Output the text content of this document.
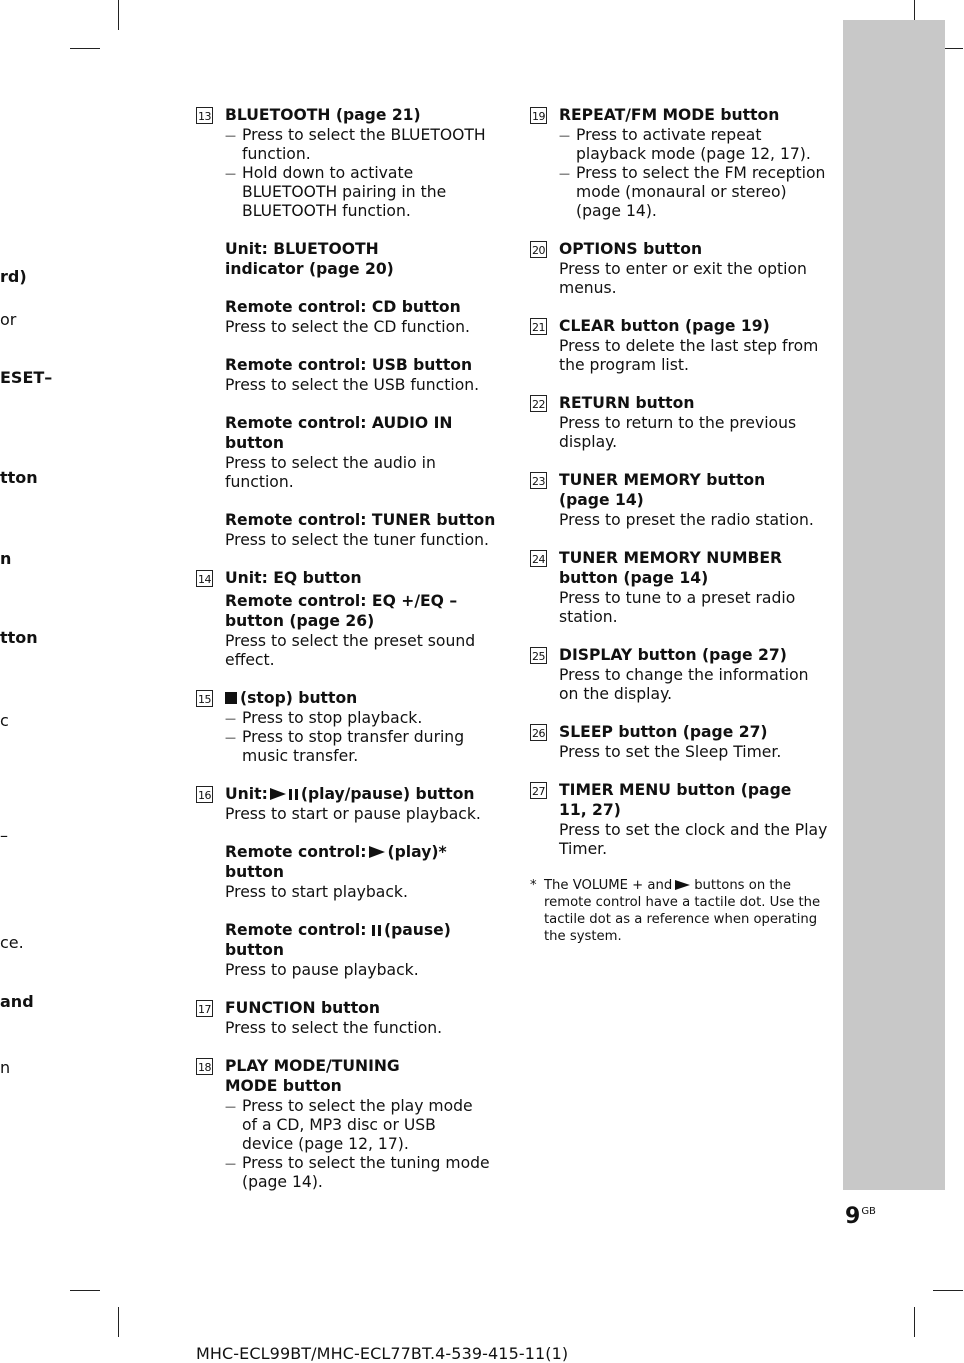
rd)
or
ESET–
tton
n
tton
c
–
ce.
and
n
13 BLUETOOTH (page 21)
— Press to select the BLUETOOTH function.
— Hold down to activate BLUETOOTH pairing in the BLUETOOTH function.
Unit: BLUETOOTH indicator (page 20)
Remote control: CD button
Press to select the CD function.
Remote control: USB button
Press to select the USB function.
Remote control: AUDIO IN button
Press to select the audio in function.
Remote control: TUNER button
Press to select the tuner function.
14 Unit: EQ button
Remote control: EQ +/EQ – button (page 26)
Press to select the preset sound effect.
15	(stop) button
— Press to stop playback.
— Press to stop transfer during music transfer.
16 Unit: (play/pause) button
Press to start or pause playback.
Remote control: (play)* button
Press to start playback.
Remote control: (pause) button
Press to pause playback.
17 FUNCTION button
Press to select the function.
18 PLAY MODE/TUNING MODE button
— Press to select the play mode of a CD, MP3 disc or USB device (page 12, 17).
— Press to select the tuning mode (page 14).
19 REPEAT/FM MODE button
— Press to activate repeat playback mode (page 12, 17).
— Press to select the FM reception mode (monaural or stereo) (page 14).
20 OPTIONS button
Press to enter or exit the option menus.
21 CLEAR button (page 19)
Press to delete the last step from the program list.
22 RETURN button
Press to return to the previous display.
23 TUNER MEMORY button (page 14)
Press to preset the radio station.
24 TUNER MEMORY NUMBER button (page 14)
Press to tune to a preset radio station.
25 DISPLAY button (page 27)
Press to change the information on the display.
26 SLEEP button (page 27)
Press to set the Sleep Timer.
27 TIMER MENU button (page 11, 27)
Press to set the clock and the Play Timer.
* The VOLUME + and buttons on the remote control have a tactile dot. Use the tactile dot as a reference when operating the system.
$9^{GB}$
MHC-ECL99BT/MHC-ECL77BT.4-539-415-11(1)
